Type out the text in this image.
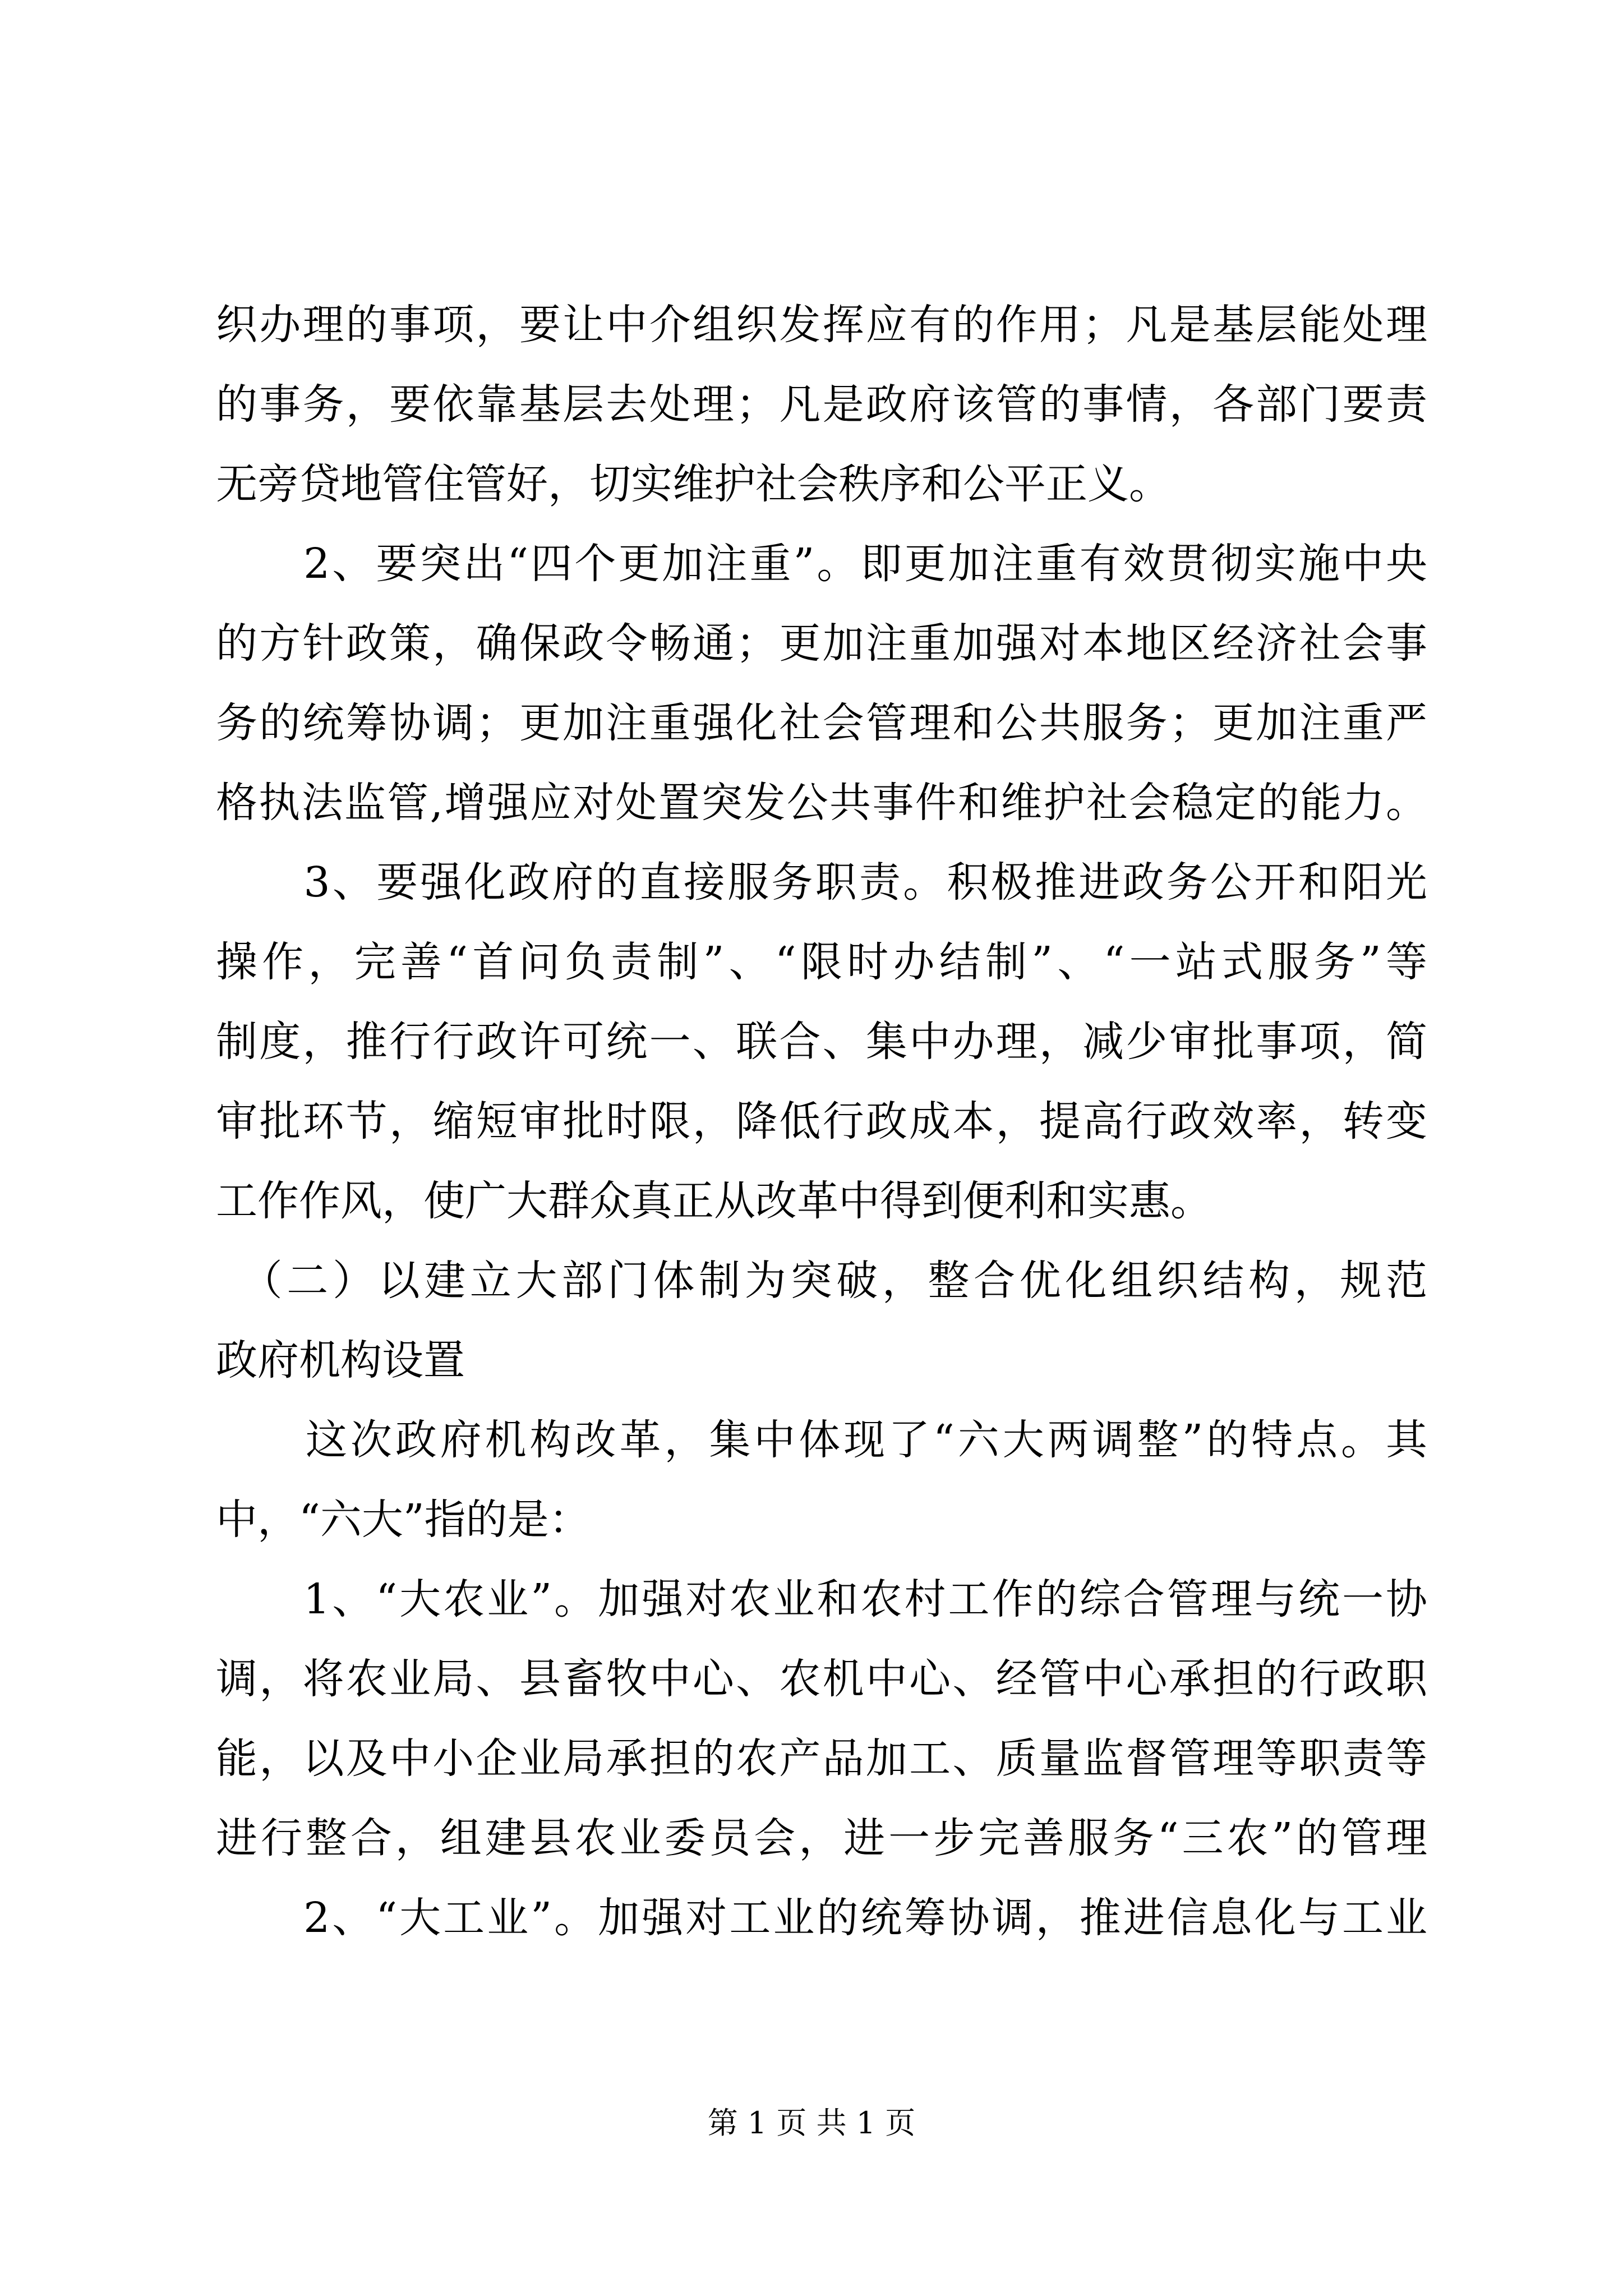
织办理的事项，要让中介组织发挥应有的作用；凡是基层能处理
的事务，要依靠基层去处理；凡是政府该管的事情，各部门要责
无旁贷地管住管好，切实维护社会秩序和公平正义。
　　2、要突出“四个更加注重”。即更加注重有效贯彻实施中央
的方针政策，确保政令畅通；更加注重加强对本地区经济社会事
务的统筹协调；更加注重强化社会管理和公共服务；更加注重严
格执法监管,增强应对处置突发公共事件和维护社会稳定的能力。
　　3、要强化政府的直接服务职责。积极推进政务公开和阳光
操作，完善“首问负责制”、“限时办结制”、“一站式服务”等
制度，推行行政许可统一、联合、集中办理，减少审批事项，简
审批环节，缩短审批时限，降低行政成本，提高行政效率，转变
工作作风，使广大群众真正从改革中得到便利和实惠。
　（二）以建立大部门体制为突破，整合优化组织结构，规范
政府机构设置
　　这次政府机构改革，集中体现了“六大两调整”的特点。其
中，“六大”指的是：
　　1、“大农业”。加强对农业和农村工作的综合管理与统一协
调，将农业局、县畜牧中心、农机中心、经管中心承担的行政职
能，以及中小企业局承担的农产品加工、质量监督管理等职责等
进行整合，组建县农业委员会，进一步完善服务“三农”的管理
　　2、“大工业”。加强对工业的统筹协调，推进信息化与工业
第 1 页 共 1 页
